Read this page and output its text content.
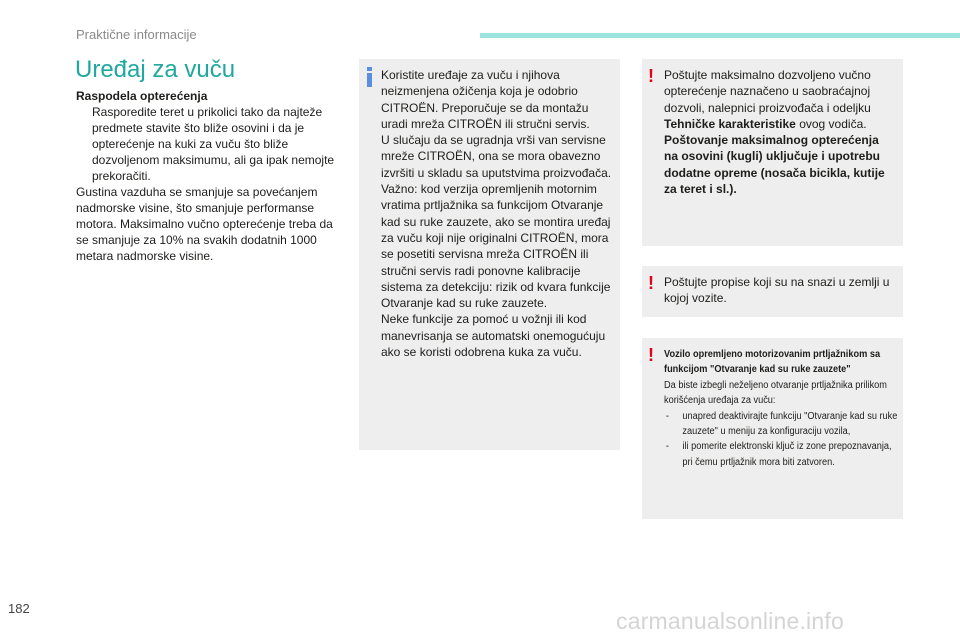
Praktične informacije
Uređaj za vuču
Raspodela opterećenja
Rasporedite teret u prikolici tako da najteže predmete stavite što bliže osovini i da je opterećenje na kuki za vuču što bliže dozvoljenom maksimumu, ali ga ipak nemojte prekoračiti.
Gustina vazduha se smanjuje sa povećanjem nadmorske visine, što smanjuje performanse motora. Maksimalno vučno opterećenje treba da se smanjuje za 10% na svakih dodatnih 1000 metara nadmorske visine.
Koristite uređaje za vuču i njihova neizmenjena ožičenja koja je odobrio CITROËN. Preporučuje se da montažu uradi mreža CITROËN ili stručni servis.
U slučaju da se ugradnja vrši van servisne mreže CITROËN, ona se mora obavezno izvršiti u skladu sa uputstvima proizvođača.
Važno: kod verzija opremljenih motornim vratima prtljažnika sa funkcijom Otvaranje kad su ruke zauzete, ako se montira uređaj za vuču koji nije originalni CITROËN, mora se posetiti servisna mreža CITROËN ili stručni servis radi ponovne kalibracije sistema za detekciju: rizik od kvara funkcije Otvaranje kad su ruke zauzete.
Neke funkcije za pomoć u vožnji ili kod manevrisanja se automatski onemogućuju ako se koristi odobrena kuka za vuču.
! Poštujte maksimalno dozvoljeno vučno opterećenje naznačeno u saobraćajnoj dozvoli, nalepnici proizvođača i odeljku Tehničke karakteristike ovog vodiča.
Poštovanje maksimalnog opterećenja na osovini (kugli) uključuje i upotrebu dodatne opreme (nosača bicikla, kutije za teret i sl.).
! Poštujte propise koji su na snazi u zemlji u kojoj vozite.
! Vozilo opremljeno motorizovanim prtljažnikom sa funkcijom "Otvaranje kad su ruke zauzete"
Da biste izbegli neželjeno otvaranje prtljažnika prilikom korišćenja uređaja za vuču:
-	unapred deaktivirajte funkciju "Otvaranje kad su ruke zauzete" u meniju za konfiguraciju vozila,
-	ili pomerite elektronski ključ iz zone prepoznavanja, pri čemu prtljažnik mora biti zatvoren.
182	carmanualsonline.info
